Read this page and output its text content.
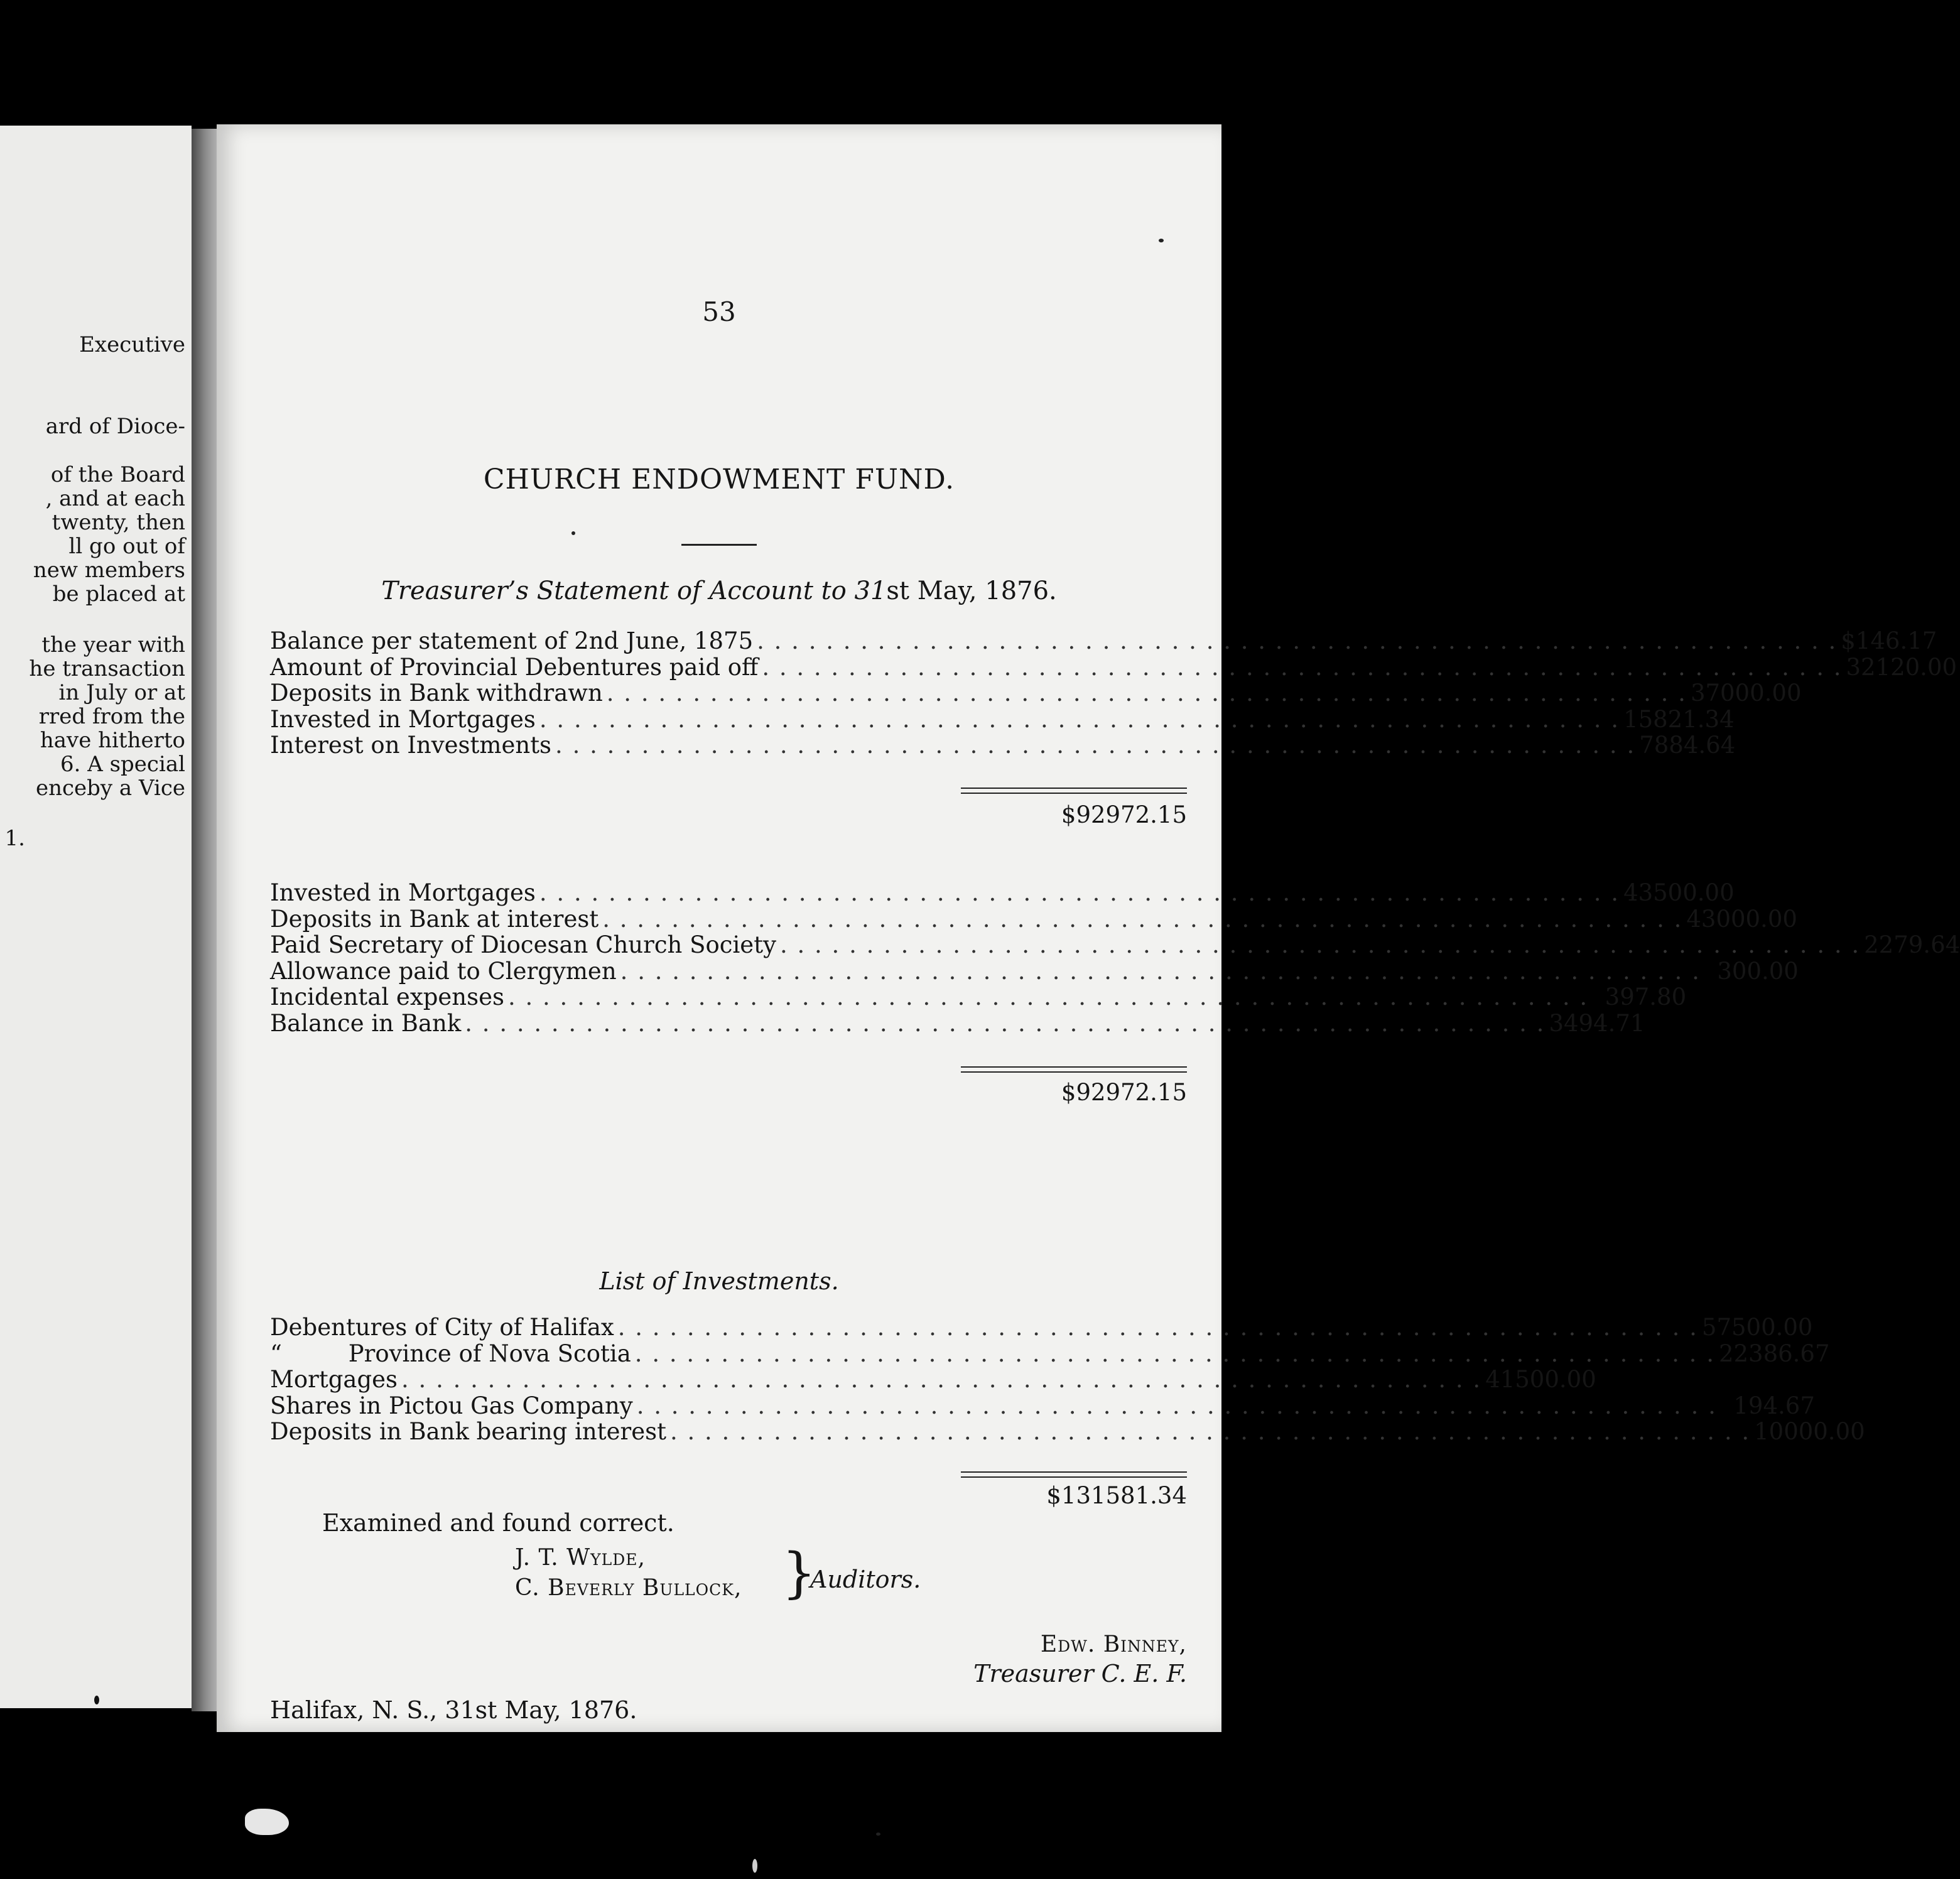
Executive
ard of Dioce-
of the Board
, and at each
twenty, then
ll go out of
new members
be placed at
the year with
he transaction
in July or at
rred from the
have hitherto
6. A special
enceby a Vice
1.
53
CHURCH ENDOWMENT FUND.
Treasurer’s Statement of Account to 31st May, 1876.
Balance per statement of 2nd June, 1875 . . . . . . . . . . . . . . . . . . . . . . . . . . . . . . . . . . . . . . . . . . . . . . . . . . . . . . . . . . . . . . . $146.17
Amount of Provincial Debentures paid off . . . . . . . . . . . . . . . . . . . . . . . . . . . . . . . . . . . . . . . . . . . . . . . . . . . . . . . . . . . . . . . 32120.00
Deposits in Bank withdrawn . . . . . . . . . . . . . . . . . . . . . . . . . . . . . . . . . . . . . . . . . . . . . . . . . . . . . . . . . . . . . . . 37000.00
Invested in Mortgages . . . . . . . . . . . . . . . . . . . . . . . . . . . . . . . . . . . . . . . . . . . . . . . . . . . . . . . . . . . . . . . 15821.34
Interest on Investments . . . . . . . . . . . . . . . . . . . . . . . . . . . . . . . . . . . . . . . . . . . . . . . . . . . . . . . . . . . . . . . 7884.64
$92972.15
Invested in Mortgages . . . . . . . . . . . . . . . . . . . . . . . . . . . . . . . . . . . . . . . . . . . . . . . . . . . . . . . . . . . . . . . 43500.00
Deposits in Bank at interest . . . . . . . . . . . . . . . . . . . . . . . . . . . . . . . . . . . . . . . . . . . . . . . . . . . . . . . . . . . . . . . 43000.00
Paid Secretary of Diocesan Church Society . . . . . . . . . . . . . . . . . . . . . . . . . . . . . . . . . . . . . . . . . . . . . . . . . . . . . . . . . . . . . . . 2279.64
Allowance paid to Clergymen . . . . . . . . . . . . . . . . . . . . . . . . . . . . . . . . . . . . . . . . . . . . . . . . . . . . . . . . . . . . . . . 300.00
Incidental expenses . . . . . . . . . . . . . . . . . . . . . . . . . . . . . . . . . . . . . . . . . . . . . . . . . . . . . . . . . . . . . . . 397.80
Balance in Bank . . . . . . . . . . . . . . . . . . . . . . . . . . . . . . . . . . . . . . . . . . . . . . . . . . . . . . . . . . . . . . . 3494.71
$92972.15
List of Investments.
Debentures of City of Halifax . . . . . . . . . . . . . . . . . . . . . . . . . . . . . . . . . . . . . . . . . . . . . . . . . . . . . . . . . . . . . . . 57500.00
“         Province of Nova Scotia . . . . . . . . . . . . . . . . . . . . . . . . . . . . . . . . . . . . . . . . . . . . . . . . . . . . . . . . . . . . . . . 22386.67
Mortgages . . . . . . . . . . . . . . . . . . . . . . . . . . . . . . . . . . . . . . . . . . . . . . . . . . . . . . . . . . . . . . . 41500.00
Shares in Pictou Gas Company . . . . . . . . . . . . . . . . . . . . . . . . . . . . . . . . . . . . . . . . . . . . . . . . . . . . . . . . . . . . . . . 194.67
Deposits in Bank bearing interest . . . . . . . . . . . . . . . . . . . . . . . . . . . . . . . . . . . . . . . . . . . . . . . . . . . . . . . . . . . . . . . 10000.00
$131581.34
Examined and found correct.
J. T. Wylde,
C. Beverly Bullock, }
Auditors.
Edw. Binney,
Treasurer C. E. F.
Halifax, N. S., 31st May, 1876.
